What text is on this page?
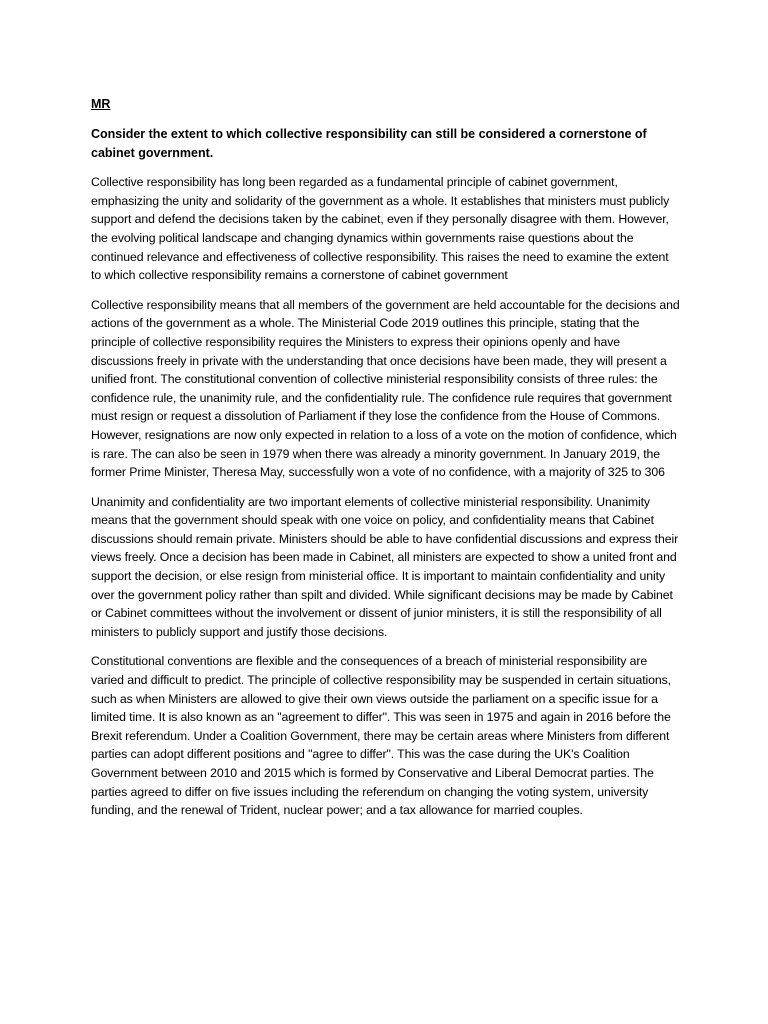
MR
Consider the extent to which collective responsibility can still be considered a cornerstone of cabinet government.

Collective responsibility has long been regarded as a fundamental principle of cabinet government, emphasizing the unity and solidarity of the government as a whole. It establishes that ministers must publicly support and defend the decisions taken by the cabinet, even if they personally disagree with them. However, the evolving political landscape and changing dynamics within governments raise questions about the continued relevance and effectiveness of collective responsibility. This raises the need to examine the extent to which collective responsibility remains a cornerstone of cabinet government

Collective responsibility means that all members of the government are held accountable for the decisions and actions of the government as a whole. The Ministerial Code 2019 outlines this principle, stating that the principle of collective responsibility requires the Ministers to express their opinions openly and have discussions freely in private with the understanding that once decisions have been made, they will present a unified front. The constitutional convention of collective ministerial responsibility consists of three rules: the confidence rule, the unanimity rule, and the confidentiality rule. The confidence rule requires that government must resign or request a dissolution of Parliament if they lose the confidence from the House of Commons. However, resignations are now only expected in relation to a loss of a vote on the motion of confidence, which is rare. The can also be seen in 1979 when there was already a minority government. In January 2019, the former Prime Minister, Theresa May, successfully won a vote of no confidence, with a majority of 325 to 306

Unanimity and confidentiality are two important elements of collective ministerial responsibility. Unanimity means that the government should speak with one voice on policy, and confidentiality means that Cabinet discussions should remain private. Ministers should be able to have confidential discussions and express their views freely. Once a decision has been made in Cabinet, all ministers are expected to show a united front and support the decision, or else resign from ministerial office. It is important to maintain confidentiality and unity over the government policy rather than spilt and divided. While significant decisions may be made by Cabinet or Cabinet committees without the involvement or dissent of junior ministers, it is still the responsibility of all ministers to publicly support and justify those decisions.

Constitutional conventions are flexible and the consequences of a breach of ministerial responsibility are varied and difficult to predict. The principle of collective responsibility may be suspended in certain situations, such as when Ministers are allowed to give their own views outside the parliament on a specific issue for a limited time. It is also known as an "agreement to differ". This was seen in 1975 and again in 2016 before the Brexit referendum. Under a Coalition Government, there may be certain areas where Ministers from different parties can adopt different positions and "agree to differ". This was the case during the UK's Coalition Government between 2010 and 2015 which is formed by Conservative and Liberal Democrat parties. The parties agreed to differ on five issues including the referendum on changing the voting system, university funding, and the renewal of Trident, nuclear power; and a tax allowance for married couples.
